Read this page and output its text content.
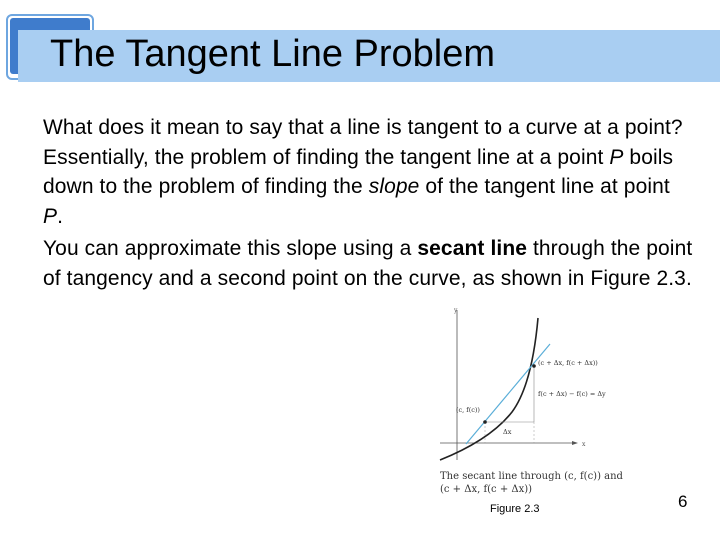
The Tangent Line Problem

What does it mean to say that a line is tangent to a curve at a point? Essentially, the problem of finding the tangent line at a point P boils down to the problem of finding the slope of the tangent line at point P.

You can approximate this slope using a secant line through the point of tangency and a second point on the curve, as shown in Figure 2.3.

y
x
(c + Δx, f(c + Δx))
f(c + Δx) − f(c) = Δy
(c, f(c))
Δx
The secant line through (c, f(c)) and
(c + Δx, f(c + Δx))
Figure 2.3	6
